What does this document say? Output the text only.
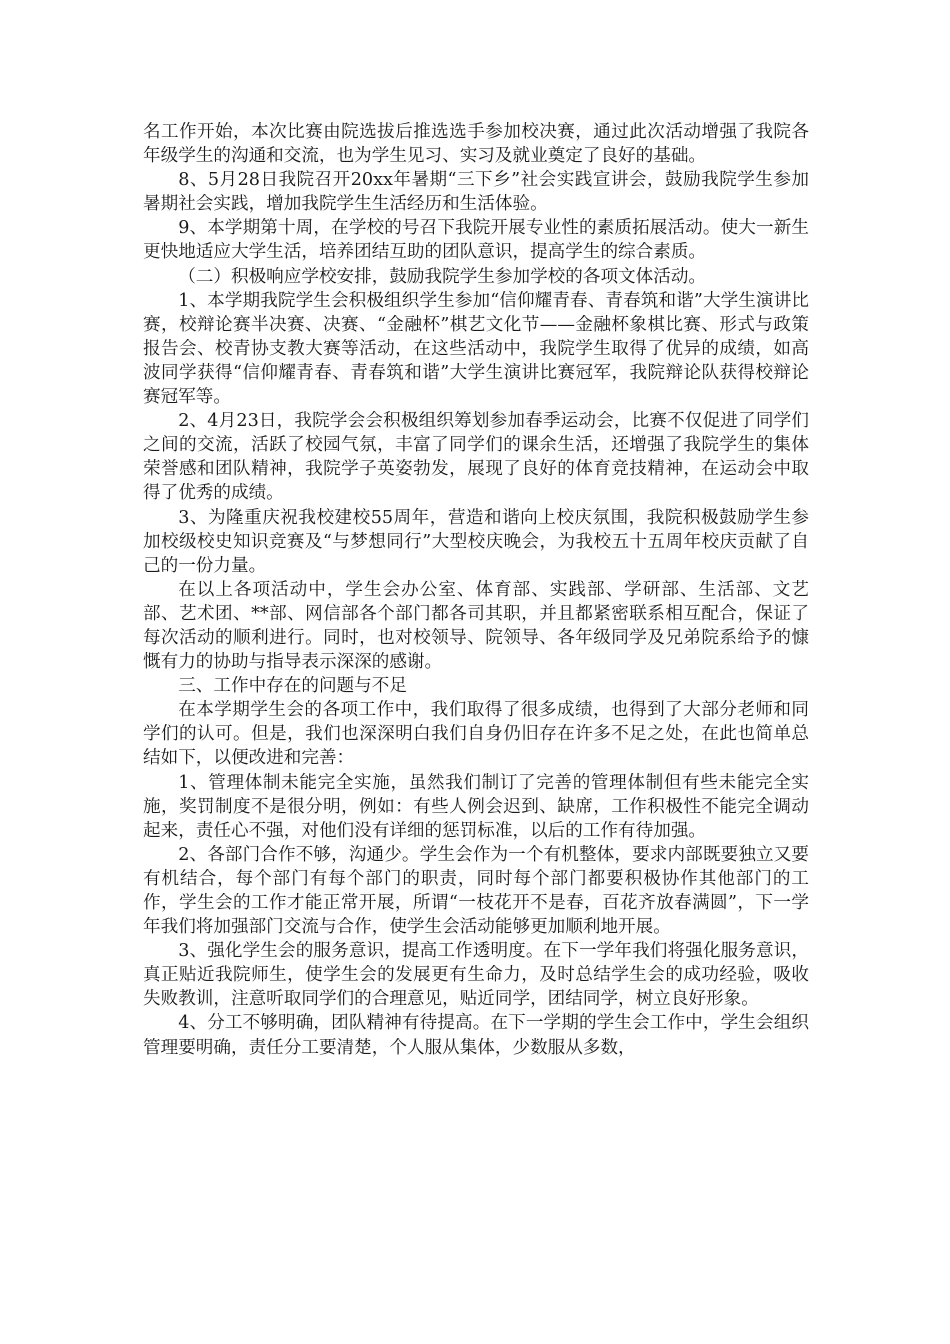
名工作开始，本次比赛由院选拔后推选选手参加校决赛，通过此次活动增强了我院各年级学生的沟通和交流，也为学生见习、实习及就业奠定了良好的基础。

8、5月28日我院召开20xx年暑期“三下乡”社会实践宣讲会，鼓励我院学生参加暑期社会实践，增加我院学生生活经历和生活体验。

9、本学期第十周，在学校的号召下我院开展专业性的素质拓展活动。使大一新生更快地适应大学生活，培养团结互助的团队意识，提高学生的综合素质。

（二）积极响应学校安排，鼓励我院学生参加学校的各项文体活动。

1、本学期我院学生会积极组织学生参加“信仰耀青春、青春筑和谐”大学生演讲比赛，校辩论赛半决赛、决赛、“金融杯”棋艺文化节——金融杯象棋比赛、形式与政策报告会、校青协支教大赛等活动，在这些活动中，我院学生取得了优异的成绩，如高波同学获得“信仰耀青春、青春筑和谐”大学生演讲比赛冠军，我院辩论队获得校辩论赛冠军等。

2、4月23日，我院学会会积极组织筹划参加春季运动会，比赛不仅促进了同学们之间的交流，活跃了校园气氛，丰富了同学们的课余生活，还增强了我院学生的集体荣誉感和团队精神，我院学子英姿勃发，展现了良好的体育竞技精神，在运动会中取得了优秀的成绩。

3、为隆重庆祝我校建校55周年，营造和谐向上校庆氛围，我院积极鼓励学生参加校级校史知识竞赛及“与梦想同行”大型校庆晚会，为我校五十五周年校庆贡献了自己的一份力量。

在以上各项活动中，学生会办公室、体育部、实践部、学研部、生活部、文艺部、艺术团、**部、网信部各个部门都各司其职，并且都紧密联系相互配合，保证了每次活动的顺利进行。同时，也对校领导、院领导、各年级同学及兄弟院系给予的慷慨有力的协助与指导表示深深的感谢。

三、工作中存在的问题与不足

在本学期学生会的各项工作中，我们取得了很多成绩，也得到了大部分老师和同学们的认可。但是，我们也深深明白我们自身仍旧存在许多不足之处，在此也简单总结如下，以便改进和完善：

1、管理体制未能完全实施，虽然我们制订了完善的管理体制但有些未能完全实施，奖罚制度不是很分明，例如：有些人例会迟到、缺席，工作积极性不能完全调动起来，责任心不强，对他们没有详细的惩罚标准，以后的工作有待加强。

2、各部门合作不够，沟通少。学生会作为一个有机整体，要求内部既要独立又要有机结合，每个部门有每个部门的职责，同时每个部门都要积极协作其他部门的工作，学生会的工作才能正常开展，所谓“一枝花开不是春，百花齐放春满圆”，下一学年我们将加强部门交流与合作，使学生会活动能够更加顺利地开展。

3、强化学生会的服务意识，提高工作透明度。在下一学年我们将强化服务意识，真正贴近我院师生，使学生会的发展更有生命力，及时总结学生会的成功经验，吸收失败教训，注意听取同学们的合理意见，贴近同学，团结同学，树立良好形象。

4、分工不够明确，团队精神有待提高。在下一学期的学生会工作中，学生会组织管理要明确，责任分工要清楚，个人服从集体，少数服从多数，
